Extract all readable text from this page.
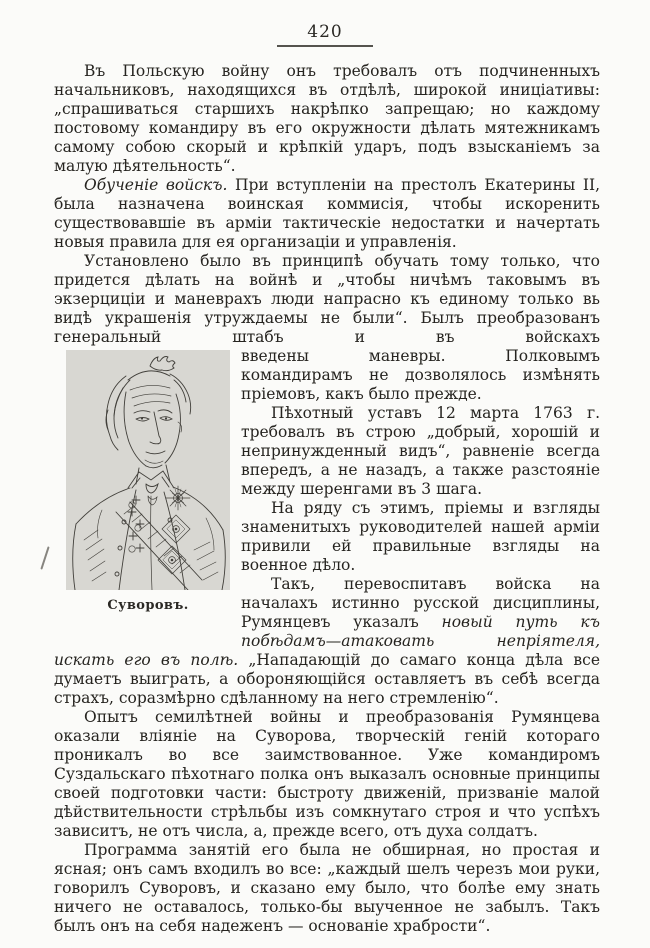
420

Въ Польскую войну онъ требовалъ отъ подчиненныхъ начальниковъ, находящихся въ отдѣлѣ, широкой иниціативы: „спрашиваться старшихъ накрѣпко запрещаю; но каждому постовому командиру въ его окружности дѣлать мятежникамъ самому собою скорый и крѣпкій ударъ, подъ взысканіемъ за малую дѣятельность“.

Обученіе войскъ. При вступленіи на престолъ Екатерины II, была назначена воинская коммисія, чтобы искоренить существовавшіе въ арміи тактическіе недостатки и начертать новыя правила для ея организаціи и управленія.

Установлено было въ принципѣ обучать тому только, что придется дѣлать на войнѣ и „чтобы ничѣмъ таковымъ въ экзерциціи и маневрахъ люди напрасно къ единому только вь видѣ украшенія утруждаемы не были“. Былъ преобразованъ генеральный штабъ и въ войскахъ

Суворовъ.

введены маневры. Полковымъ командирамъ не дозволялось измѣнять пріемовъ, какъ было прежде.

Пѣхотный уставъ 12 марта 1763 г. требовалъ въ строю „добрый, хорошій и непринужденный видъ“, равненіе всегда впередъ, а не назадъ, а также разстояніе между шеренгами въ 3 шага.

На ряду съ этимъ, пріемы и взгляды знаменитыхъ руководителей нашей арміи привили ей правильные взгляды на военное дѣло.

Такъ, перевоспитавъ войска на началахъ истинно русской дисциплины, Румянцевъ указалъ новый путь къ побѣдамъ—атаковать непріятеля, искать его въ полѣ. „Нападающій до самаго конца дѣла все думаетъ выиграть, а обороняющійся оставляетъ въ себѣ всегда страхъ, соразмѣрно сдѣланному на него стремленію“.

Опытъ семилѣтней войны и преобразованія Румянцева оказали вліяніе на Суворова, творческій геній котораго проникалъ во все заимствованное. Уже командиромъ Суздальскаго пѣхотнаго полка онъ выказалъ основные принципы своей подготовки части: быстроту движеній, призваніе малой дѣйствительности стрѣльбы изъ сомкнутаго строя и что успѣхъ зависитъ, не отъ числа, а, прежде всего, отъ духа солдатъ.

Программа занятій его была не обширная, но простая и ясная; онъ самъ входилъ во все: „каждый шелъ черезъ мои руки, говорилъ Суворовъ, и сказано ему было, что болѣе ему знать ничего не оставалось, только-бы выученное не забылъ. Такъ былъ онъ на себя надеженъ — основаніе храбрости“.
